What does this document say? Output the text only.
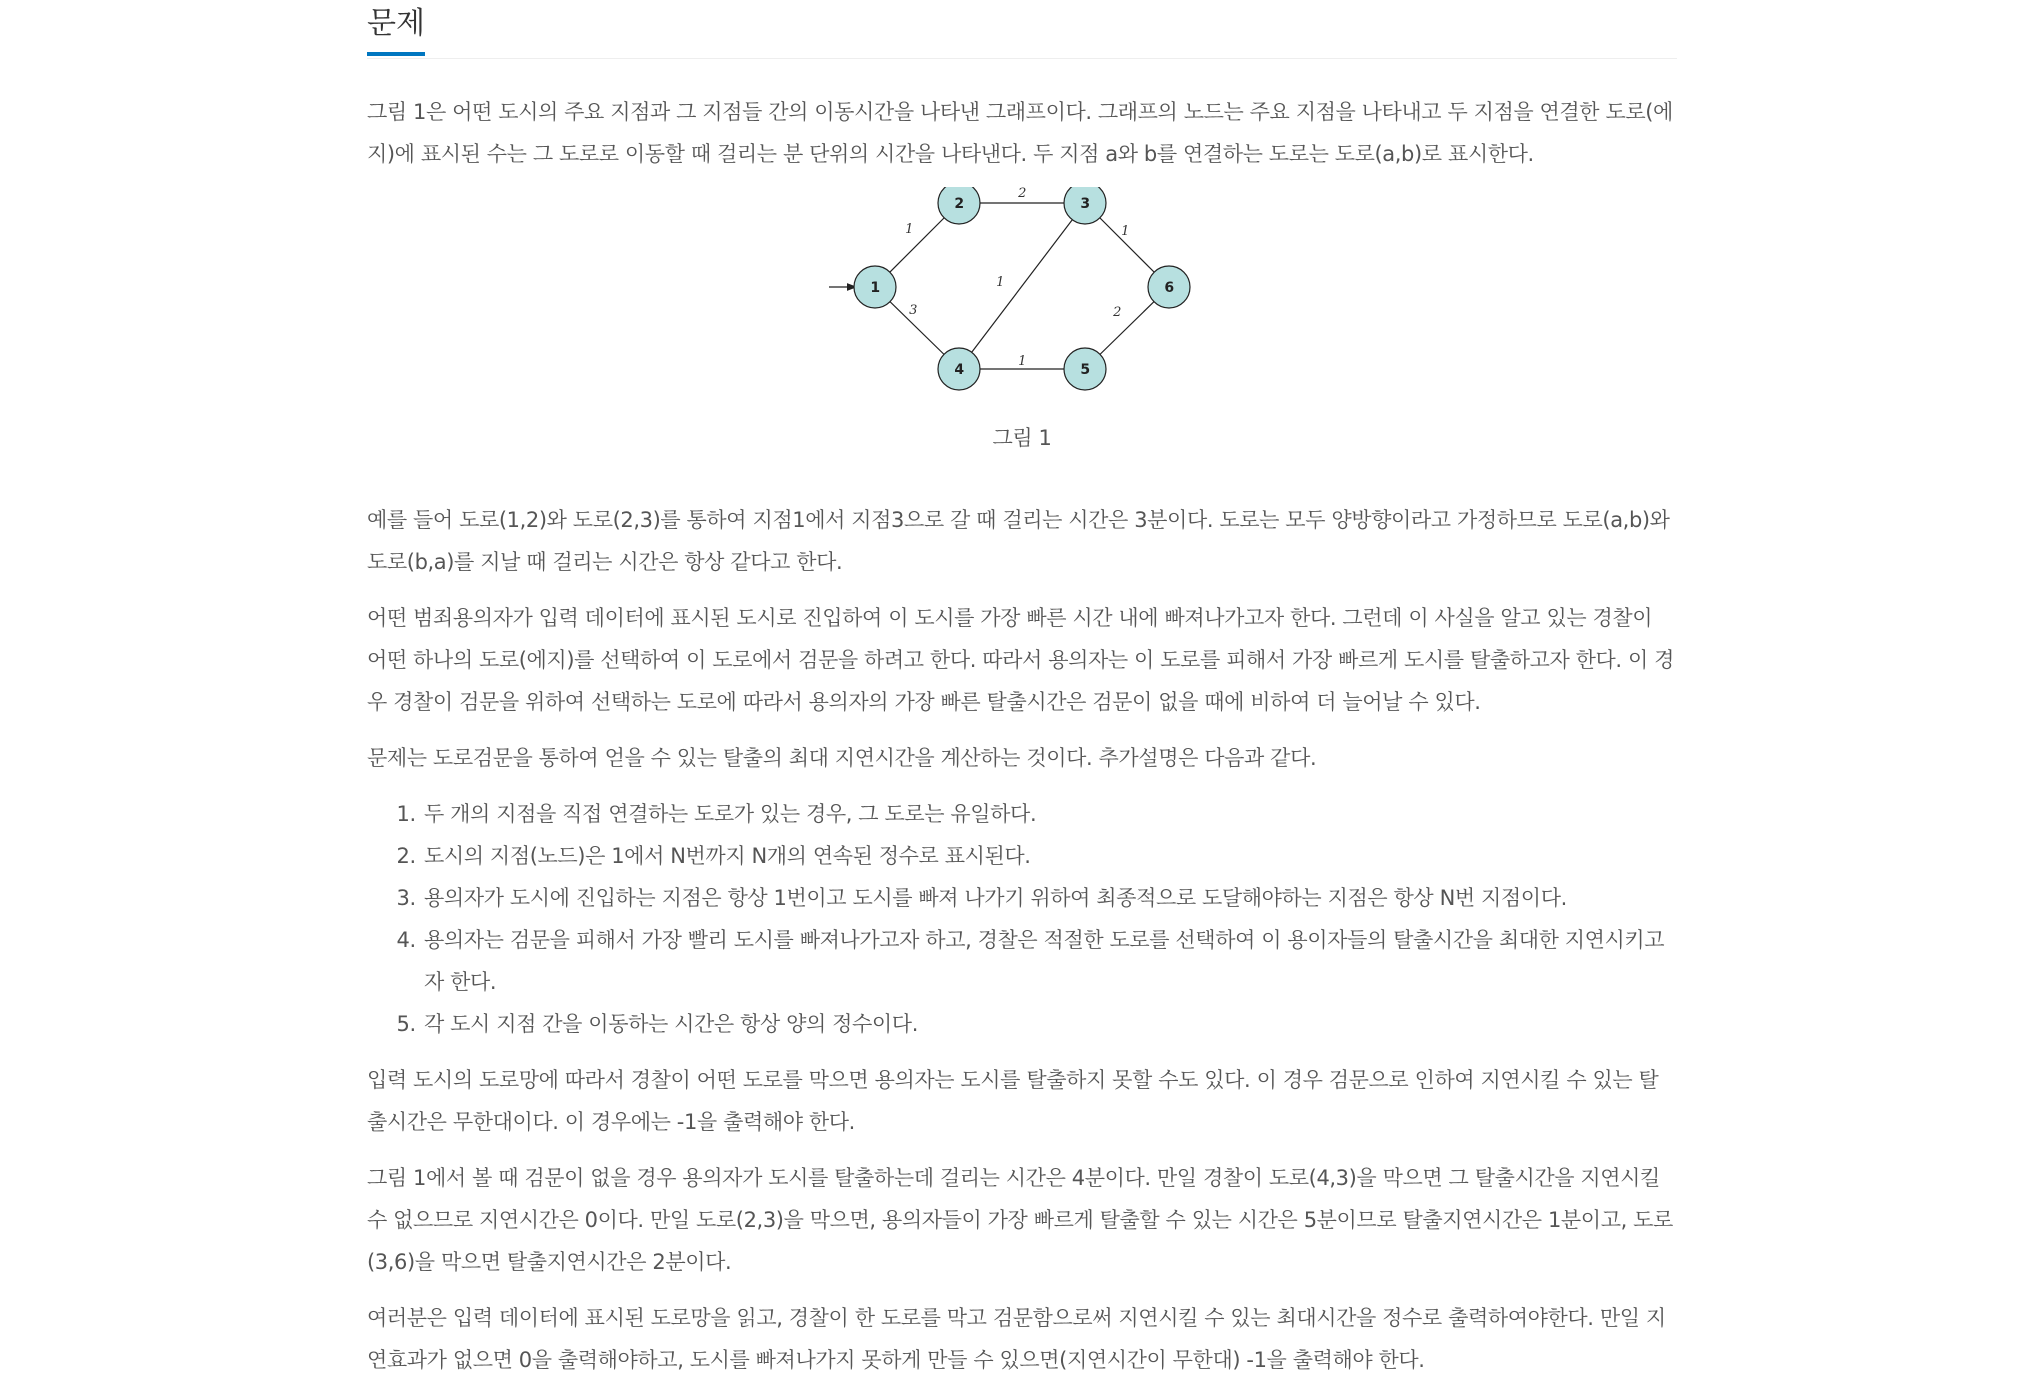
문제

그림 1은 어떤 도시의 주요 지점과 그 지점들 간의 이동시간을 나타낸 그래프이다. 그래프의 노드는 주요 지점을 나타내고 두 지점을 연결한 도로(에지)에 표시된 수는 그 도로로 이동할 때 걸리는 분 단위의 시간을 나타낸다. 두 지점 a와 b를 연결하는 도로는 도로(a,b)로 표시한다.

1
2
1
3
1
1
2
1
2	3
4	5
6
그림 1

예를 들어 도로(1,2)와 도로(2,3)를 통하여 지점1에서 지점3으로 갈 때 걸리는 시간은 3분이다. 도로는 모두 양방향이라고 가정하므로 도로(a,b)와 도로(b,a)를 지날 때 걸리는 시간은 항상 같다고 한다.

어떤 범죄용의자가 입력 데이터에 표시된 도시로 진입하여 이 도시를 가장 빠른 시간 내에 빠져나가고자 한다. 그런데 이 사실을 알고 있는 경찰이 어떤 하나의 도로(에지)를 선택하여 이 도로에서 검문을 하려고 한다. 따라서 용의자는 이 도로를 피해서 가장 빠르게 도시를 탈출하고자 한다. 이 경우 경찰이 검문을 위하여 선택하는 도로에 따라서 용의자의 가장 빠른 탈출시간은 검문이 없을 때에 비하여 더 늘어날 수 있다.

문제는 도로검문을 통하여 얻을 수 있는 탈출의 최대 지연시간을 계산하는 것이다. 추가설명은 다음과 같다.

1. 두 개의 지점을 직접 연결하는 도로가 있는 경우, 그 도로는 유일하다.
2. 도시의 지점(노드)은 1에서 N번까지 N개의 연속된 정수로 표시된다.
3. 용의자가 도시에 진입하는 지점은 항상 1번이고 도시를 빠져 나가기 위하여 최종적으로 도달해야하는 지점은 항상 N번 지점이다.
4. 용의자는 검문을 피해서 가장 빨리 도시를 빠져나가고자 하고, 경찰은 적절한 도로를 선택하여 이 용이자들의 탈출시간을 최대한 지연시키고자 한다.
5. 각 도시 지점 간을 이동하는 시간은 항상 양의 정수이다.

입력 도시의 도로망에 따라서 경찰이 어떤 도로를 막으면 용의자는 도시를 탈출하지 못할 수도 있다. 이 경우 검문으로 인하여 지연시킬 수 있는 탈출시간은 무한대이다. 이 경우에는 -1을 출력해야 한다.

그림 1에서 볼 때 검문이 없을 경우 용의자가 도시를 탈출하는데 걸리는 시간은 4분이다. 만일 경찰이 도로(4,3)을 막으면 그 탈출시간을 지연시킬 수 없으므로 지연시간은 0이다. 만일 도로(2,3)을 막으면, 용의자들이 가장 빠르게 탈출할 수 있는 시간은 5분이므로 탈출지연시간은 1분이고, 도로(3,6)을 막으면 탈출지연시간은 2분이다.

여러분은 입력 데이터에 표시된 도로망을 읽고, 경찰이 한 도로를 막고 검문함으로써 지연시킬 수 있는 최대시간을 정수로 출력하여야한다. 만일 지연효과가 없으면 0을 출력해야하고, 도시를 빠져나가지 못하게 만들 수 있으면(지연시간이 무한대) -1을 출력해야 한다.
